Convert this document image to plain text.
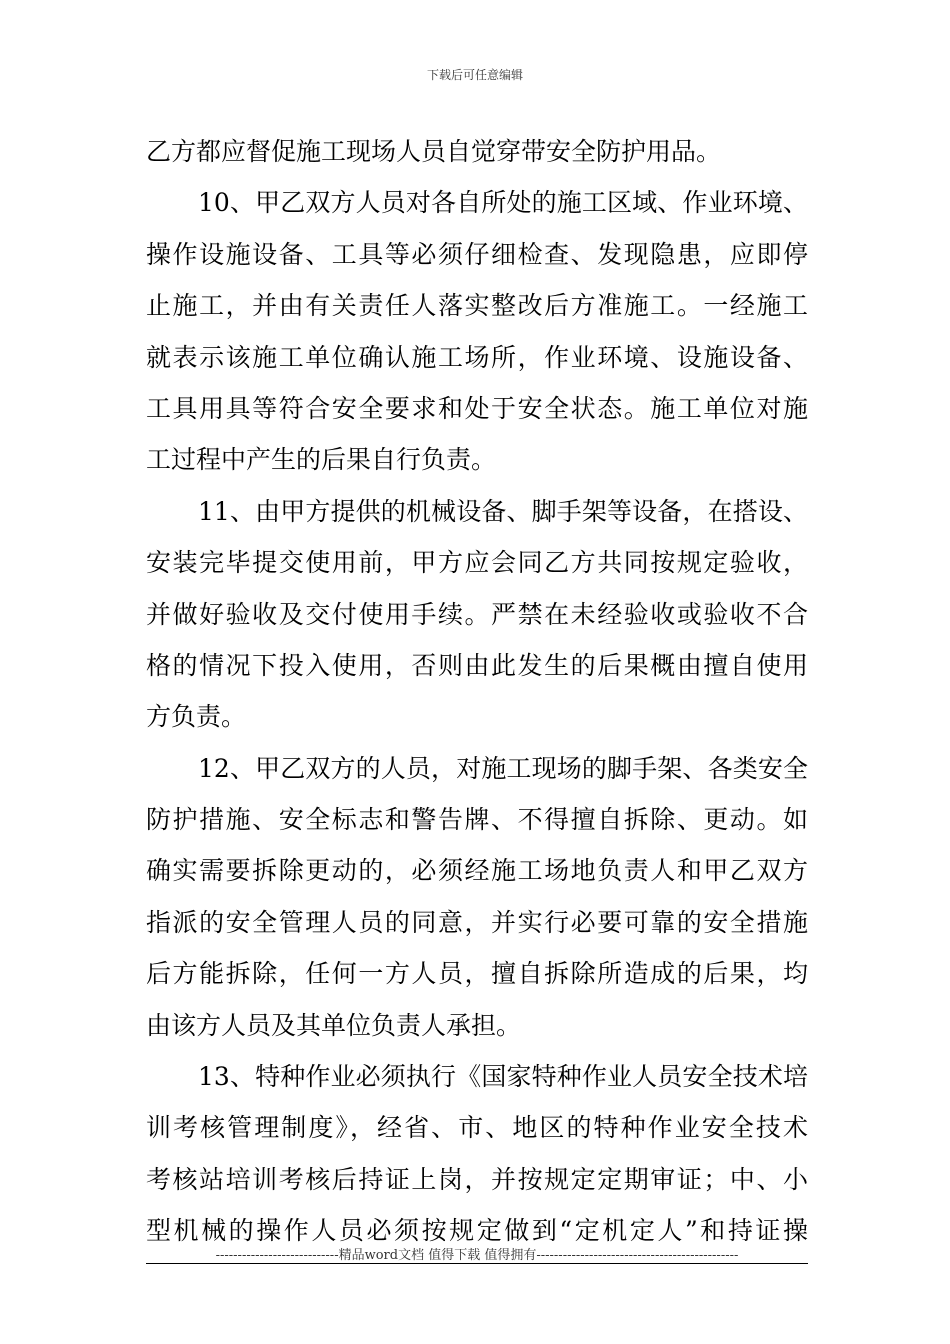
下载后可任意编辑
乙方都应督促施工现场人员自觉穿带安全防护用品。
10、甲乙双方人员对各自所处的施工区域、作业环境、
操作设施设备、工具等必须仔细检查、发现隐患，应即停
止施工，并由有关责任人落实整改后方准施工。一经施工
就表示该施工单位确认施工场所，作业环境、设施设备、
工具用具等符合安全要求和处于安全状态。施工单位对施
工过程中产生的后果自行负责。
11、由甲方提供的机械设备、脚手架等设备，在搭设、
安装完毕提交使用前，甲方应会同乙方共同按规定验收，
并做好验收及交付使用手续。严禁在未经验收或验收不合
格的情况下投入使用，否则由此发生的后果概由擅自使用
方负责。
12、甲乙双方的人员，对施工现场的脚手架、各类安全
防护措施、安全标志和警告牌、不得擅自拆除、更动。如
确实需要拆除更动的，必须经施工场地负责人和甲乙双方
指派的安全管理人员的同意，并实行必要可靠的安全措施
后方能拆除，任何一方人员，擅自拆除所造成的后果，均
由该方人员及其单位负责人承担。
13、特种作业必须执行《国家特种作业人员安全技术培
训考核管理制度》，经省、市、地区的特种作业安全技术
考核站培训考核后持证上岗，并按规定定期审证；中、小
型机械的操作人员必须按规定做到“定机定人”和持证操
----------------------------精品word文档 值得下载 值得拥有----------------------------------------------
